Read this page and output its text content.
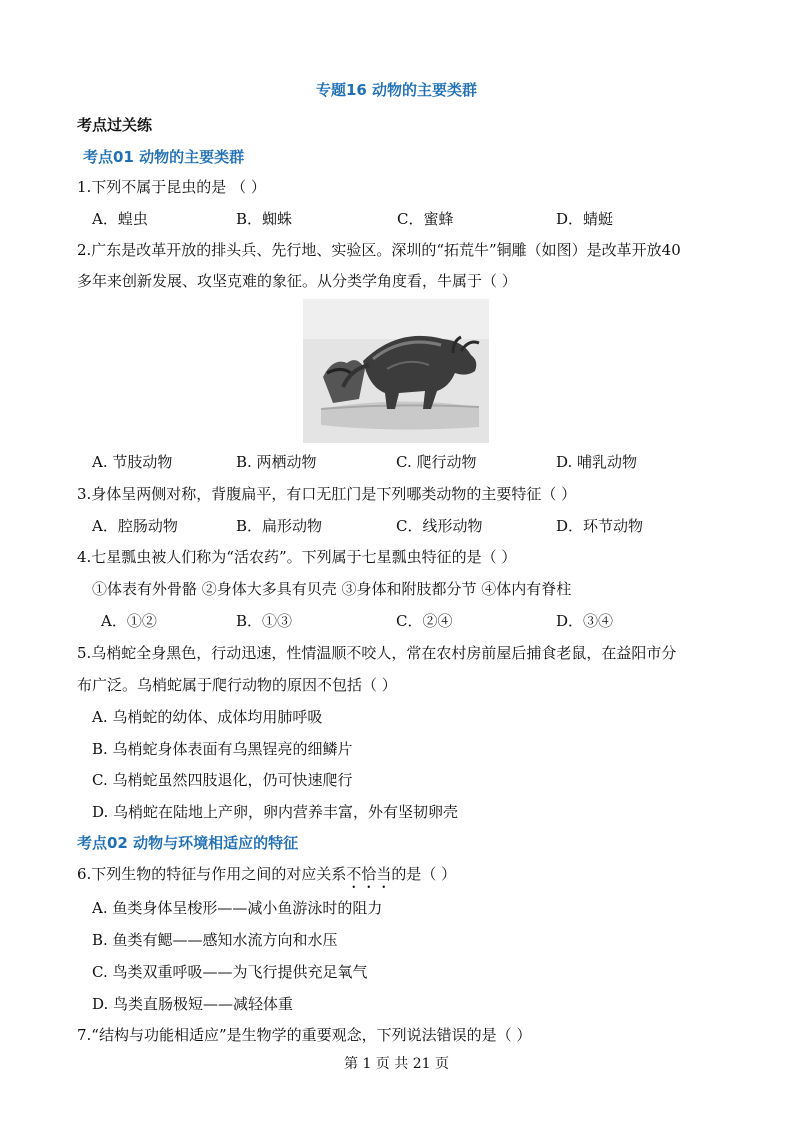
专题16 动物的主要类群
考点过关练
考点01 动物的主要类群
1.下列不属于昆虫的是 （ ）
A．蝗虫	B．蜘蛛	C．蜜蜂	D．蜻蜓
2.广东是改革开放的排头兵、先行地、实验区。深圳的“拓荒牛”铜雕（如图）是改革开放40
多年来创新发展、攻坚克难的象征。从分类学角度看，牛属于（ ）
A. 节肢动物	B. 两栖动物	C. 爬行动物	D. 哺乳动物
3.身体呈两侧对称，背腹扁平，有口无肛门是下列哪类动物的主要特征（ ）
A．腔肠动物	B．扁形动物	C．线形动物	D．环节动物
4.七星瓢虫被人们称为“活农药”。下列属于七星瓢虫特征的是（ ）
①体表有外骨骼 ②身体大多具有贝壳 ③身体和附肢都分节 ④体内有脊柱
A．①②	B．①③	C．②④	D．③④
5.乌梢蛇全身黑色，行动迅速，性情温顺不咬人，常在农村房前屋后捕食老鼠，在益阳市分
布广泛。乌梢蛇属于爬行动物的原因不包括（ ）
A. 乌梢蛇的幼体、成体均用肺呼吸
B. 乌梢蛇身体表面有乌黑锃亮的细鳞片
C. 乌梢蛇虽然四肢退化，仍可快速爬行
D. 乌梢蛇在陆地上产卵，卵内营养丰富，外有坚韧卵壳
考点02 动物与环境相适应的特征
6.下列生物的特征与作用之间的对应关系不恰当的是（ ）
A. 鱼类身体呈梭形——减小鱼游泳时的阻力
B. 鱼类有鳃——感知水流方向和水压
C. 鸟类双重呼吸——为飞行提供充足氧气
D. 鸟类直肠极短——减轻体重
7.“结构与功能相适应”是生物学的重要观念，下列说法错误的是（ ）
第 1 页 共 21 页
